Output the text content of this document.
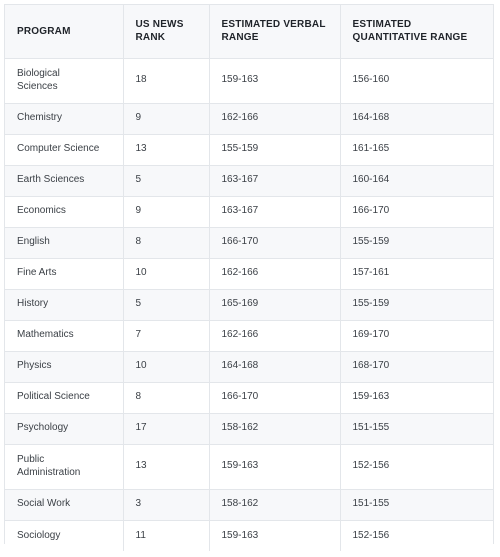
PROGRAM	US NEWS RANK	ESTIMATED VERBAL RANGE	ESTIMATED QUANTITATIVE RANGE
Biological Sciences	18	159-163	156-160
Chemistry	9	162-166	164-168
Computer Science	13	155-159	161-165
Earth Sciences	5	163-167	160-164
Economics	9	163-167	166-170
English	8	166-170	155-159
Fine Arts	10	162-166	157-161
History	5	165-169	155-159
Mathematics	7	162-166	169-170
Physics	10	164-168	168-170
Political Science	8	166-170	159-163
Psychology	17	158-162	151-155
Public Administration	13	159-163	152-156
Social Work	3	158-162	151-155
Sociology	11	159-163	152-156
